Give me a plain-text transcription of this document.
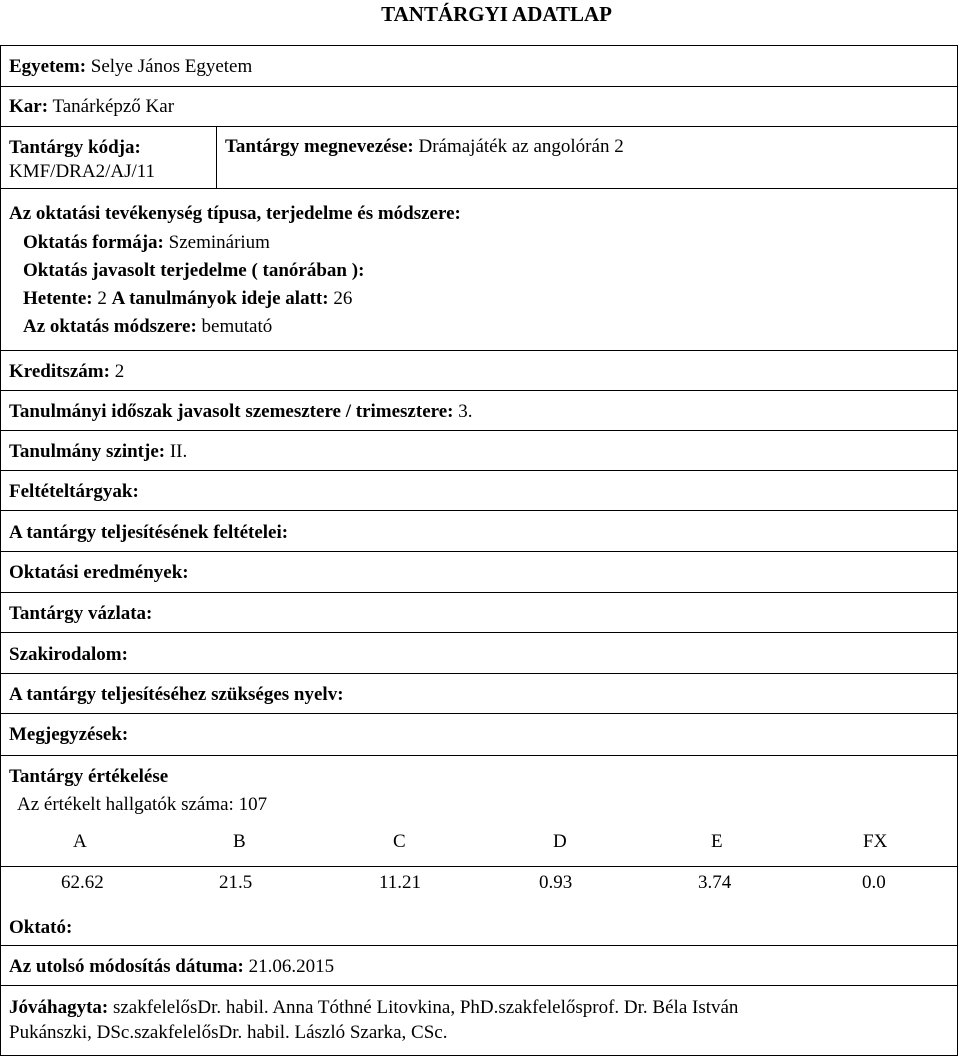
TANTÁRGYI ADATLAP
Egyetem: Selye János Egyetem
Kar: Tanárképző Kar
Tantárgy kódja:
KMF/DRA2/AJ/11
Tantárgy megnevezése: Drámajáték az angolórán 2
Az oktatási tevékenység típusa, terjedelme és módszere:
Oktatás formája: Szeminárium
Oktatás javasolt terjedelme ( tanórában ):
Hetente: 2 A tanulmányok ideje alatt: 26
Az oktatás módszere: bemutató
Kreditszám: 2
Tanulmányi időszak javasolt szemesztere / trimesztere: 3.
Tanulmány szintje: II.
Feltételtárgyak:
A tantárgy teljesítésének feltételei:
Oktatási eredmények:
Tantárgy vázlata:
Szakirodalom:
A tantárgy teljesítéséhez szükséges nyelv:
Megjegyzések:
Tantárgy értékelése
Az értékelt hallgatók száma: 107
A	B	C	D	E	FX
62.62	21.5	11.21	0.93	3.74	0.0
Oktató:
Az utolsó módosítás dátuma: 21.06.2015
Jóváhagyta: szakfelelősDr. habil. Anna Tóthné Litovkina, PhD.szakfelelősprof. Dr. Béla István
Pukánszki, DSc.szakfelelősDr. habil. László Szarka, CSc.
